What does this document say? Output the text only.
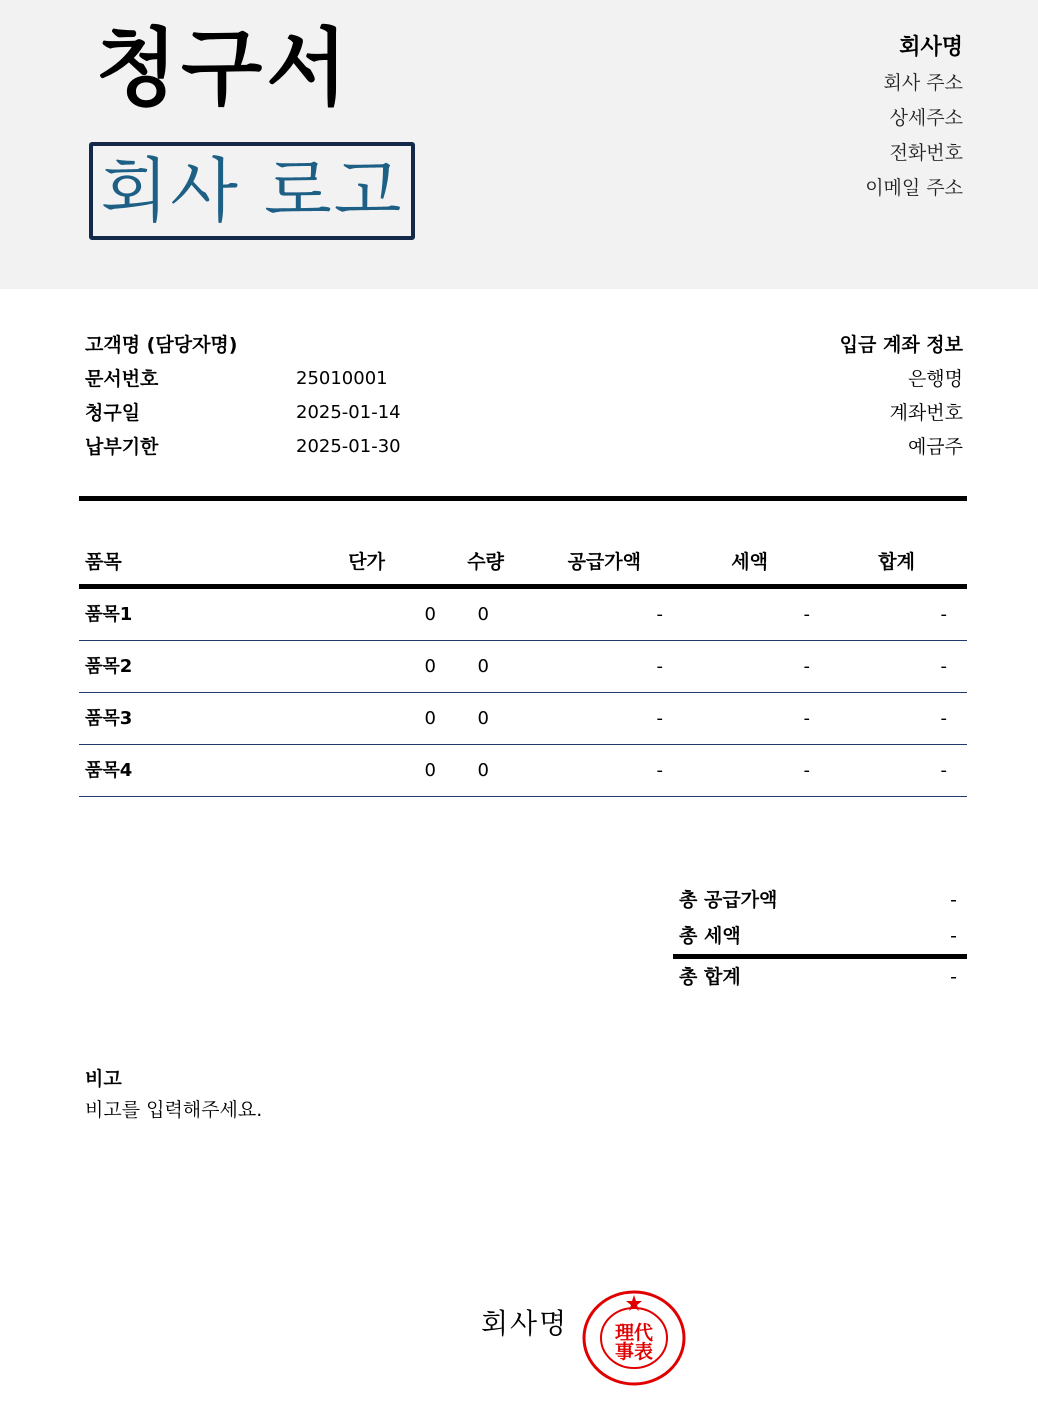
청구서
회사 로고
회사명
회사 주소
상세주소
전화번호
이메일 주소
고객명 (담당자명)
문서번호	25010001
청구일	2025-01-14
납부기한	2025-01-30
입금 계좌 정보
은행명
계좌번호
예금주
품목	단가	수량	공급가액	세액	합계
품목1	0	0	-	-	-
품목2	0	0	-	-	-
품목3	0	0	-	-	-
품목4	0	0	-	-	-
총 공급가액	-
총 세액	-
총 합계	-
비고
비고를 입력해주세요.
회사명 理代
事表
